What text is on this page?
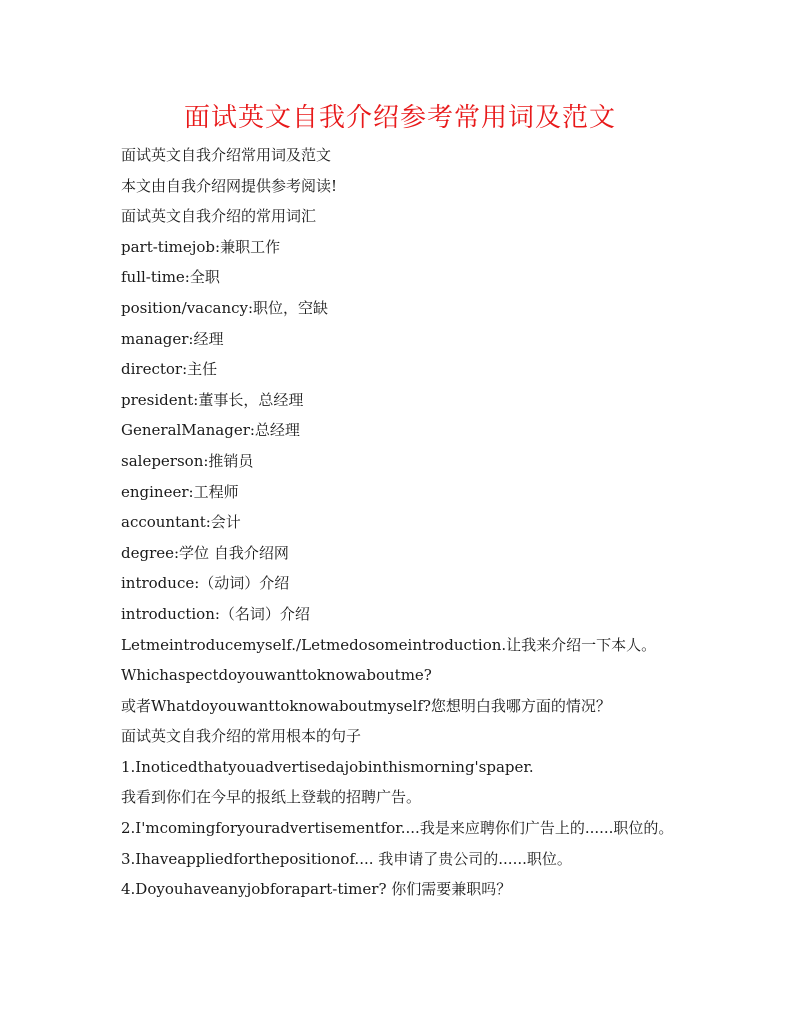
面试英文自我介绍参考常用词及范文
面试英文自我介绍常用词及范文
本文由自我介绍网提供参考阅读!
面试英文自我介绍的常用词汇
part-timejob:兼职工作
full-time:全职
position/vacancy:职位，空缺
manager:经理
director:主任
president:董事长，总经理
GeneralManager:总经理
saleperson:推销员
engineer:工程师
accountant:会计
degree:学位 自我介绍网
introduce:（动词）介绍
introduction:（名词）介绍
Letmeintroducemyself./Letmedosomeintroduction.让我来介绍一下本人。
Whichaspectdoyouwanttoknowaboutme?
或者Whatdoyouwanttoknowaboutmyself?您想明白我哪方面的情况？
面试英文自我介绍的常用根本的句子
1.Inoticedthatyouadvertisedajobinthismorning'spaper.
我看到你们在今早的报纸上登载的招聘广告。
2.I'mcomingforyouradvertisementfor....我是来应聘你们广告上的......职位的。
3.Ihaveappliedforthepositionof.... 我申请了贵公司的......职位。
4.Doyouhaveanyjobforapart-timer? 你们需要兼职吗？
